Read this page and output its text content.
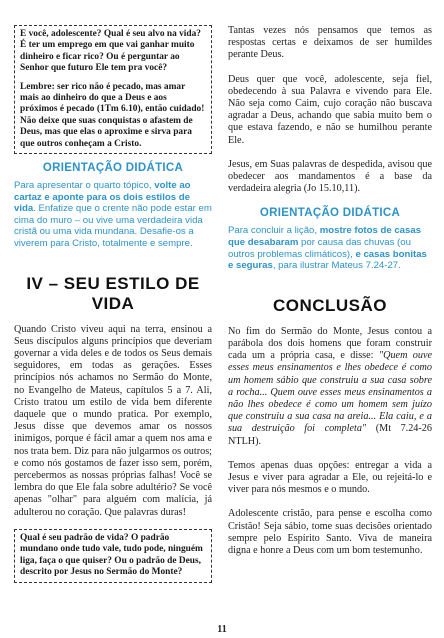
E você, adolescente? Qual é seu alvo na vida? É ter um emprego em que vai ganhar muito dinheiro e ficar rico? Ou é perguntar ao Senhor que futuro Ele tem pra você?

Lembre: ser rico não é pecado, mas amar mais ao dinheiro do que a Deus e aos próximos é pecado (1Tm 6.10), então cuidado! Não deixe que suas conquistas o afastem de Deus, mas que elas o aproxime e sirva para que outros conheçam a Cristo.

ORIENTAÇÃO DIDÁTICA
Para apresentar o quarto tópico, volte ao cartaz e aponte para os dois estilos de vida. Enfatize que o crente não pode estar em cima do muro – ou vive uma verdadeira vida cristã ou uma vida mundana. Desafie-os a viverem para Cristo, totalmente e sempre.
IV – SEU ESTILO DE VIDA

Quando Cristo viveu aqui na terra, ensinou a Seus discípulos alguns princípios que deveriam governar a vida deles e de todos os Seus demais seguidores, em todas as gerações. Esses princípios nós achamos no Sermão do Monte, no Evangelho de Mateus, capítulos 5 a 7. Ali, Cristo tratou um estilo de vida bem diferente daquele que o mundo pratica. Por exemplo, Jesus disse que devemos amar os nossos inimigos, porque é fácil amar a quem nos ama e nos trata bem. Diz para não julgarmos os outros; e como nós gostamos de fazer isso sem, porém, percebermos as nossas próprias falhas! Você se lembra do que Ele fala sobre adultério? Se você apenas "olhar" para alguém com malícia, já adulterou no coração. Que palavras duras!

Qual é seu padrão de vida? O padrão mundano onde tudo vale, tudo pode, ninguém liga, faça o que quiser? Ou o padrão de Deus, descrito por Jesus no Sermão do Monte?

Tantas vezes nós pensamos que temos as respostas certas e deixamos de ser humildes perante Deus.

Deus quer que você, adolescente, seja fiel, obedecendo à sua Palavra e vivendo para Ele. Não seja como Caim, cujo coração não buscava agradar a Deus, achando que sabia muito bem o que estava fazendo, e não se humilhou perante Ele.

Jesus, em Suas palavras de despedida, avisou que obedecer aos mandamentos é a base da verdadeira alegria (Jo 15.10,11).

ORIENTAÇÃO DIDÁTICA
Para concluir a lição, mostre fotos de casas que desabaram por causa das chuvas (ou outros problemas climáticos), e casas bonitas e seguras, para ilustrar Mateus 7.24-27.
CONCLUSÃO

No fim do Sermão do Monte, Jesus contou a parábola dos dois homens que foram construir cada um a própria casa, e disse: "Quem ouve esses meus ensinamentos e lhes obedece é como um homem sábio que construiu a sua casa sobre a rocha... Quem ouve esses meus ensinamentos a não lhes obedece é como um homem sem juízo que construiu a sua casa na areia... Ela caiu, e a sua destruição foi completa" (Mt 7.24-26 NTLH).

Temos apenas duas opções: entregar a vida a Jesus e viver para agradar a Ele, ou rejeitá-lo e viver para nós mesmos e o mundo.

Adolescente cristão, para pense e escolha como Cristão! Seja sábio, tome suas decisões orientado sempre pelo Espírito Santo. Viva de maneira digna e honre a Deus com um bom testemunho.

11
